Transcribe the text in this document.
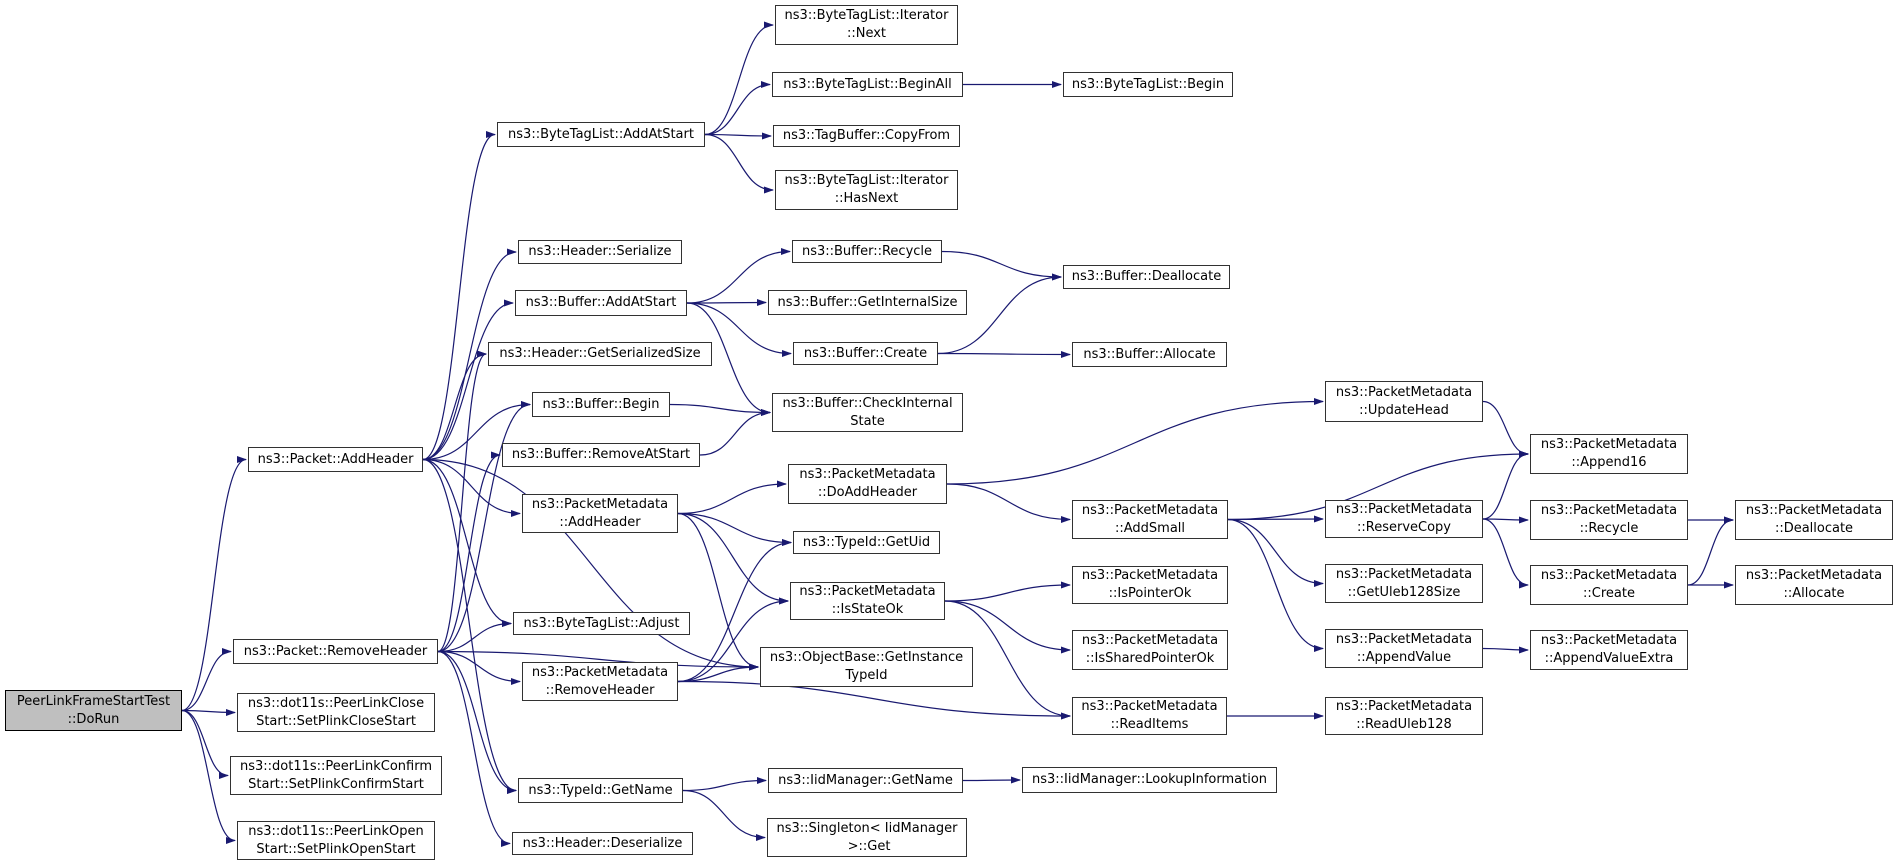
PeerLinkFrameStartTest
::DoRun
ns3::Packet::AddHeader
ns3::Packet::RemoveHeader
ns3::dot11s::PeerLinkClose
Start::SetPlinkCloseStart
ns3::dot11s::PeerLinkConfirm
Start::SetPlinkConfirmStart
ns3::dot11s::PeerLinkOpen
Start::SetPlinkOpenStart
ns3::ByteTagList::AddAtStart
ns3::Header::Serialize
ns3::Buffer::AddAtStart
ns3::Header::GetSerializedSize
ns3::Buffer::Begin
ns3::Buffer::RemoveAtStart
ns3::PacketMetadata
::AddHeader
ns3::ByteTagList::Adjust
ns3::PacketMetadata
::RemoveHeader
ns3::TypeId::GetName
ns3::Header::Deserialize
ns3::ByteTagList::Iterator
::Next
ns3::ByteTagList::BeginAll
ns3::TagBuffer::CopyFrom
ns3::ByteTagList::Iterator
::HasNext
ns3::Buffer::Recycle
ns3::Buffer::GetInternalSize
ns3::Buffer::Create
ns3::Buffer::CheckInternal
State
ns3::PacketMetadata
::DoAddHeader
ns3::TypeId::GetUid
ns3::PacketMetadata
::IsStateOk
ns3::ObjectBase::GetInstance
TypeId
ns3::IidManager::GetName
ns3::Singleton< IidManager
>::Get
ns3::ByteTagList::Begin
ns3::Buffer::Deallocate
ns3::Buffer::Allocate
ns3::PacketMetadata
::UpdateHead
ns3::PacketMetadata
::AddSmall
ns3::PacketMetadata
::IsPointerOk
ns3::PacketMetadata
::IsSharedPointerOk
ns3::PacketMetadata
::ReadItems
ns3::IidManager::LookupInformation
ns3::PacketMetadata
::ReserveCopy
ns3::PacketMetadata
::GetUleb128Size
ns3::PacketMetadata
::AppendValue
ns3::PacketMetadata
::ReadUleb128
ns3::PacketMetadata
::Append16
ns3::PacketMetadata
::Recycle
ns3::PacketMetadata
::Create
ns3::PacketMetadata
::AppendValueExtra
ns3::PacketMetadata
::Deallocate
ns3::PacketMetadata
::Allocate
